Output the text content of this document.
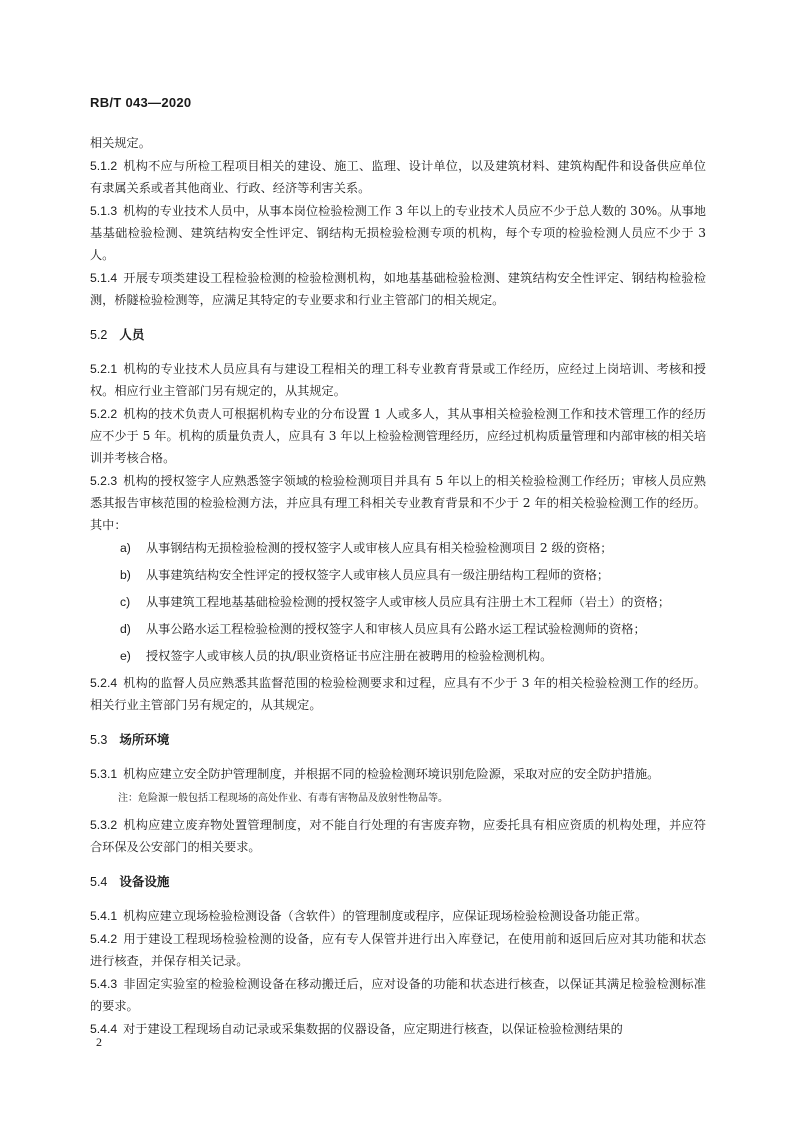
RB/T 043—2020

相关规定。

5.1.2 机构不应与所检工程项目相关的建设、施工、监理、设计单位，以及建筑材料、建筑构配件和设备供应单位有隶属关系或者其他商业、行政、经济等利害关系。

5.1.3 机构的专业技术人员中，从事本岗位检验检测工作 3 年以上的专业技术人员应不少于总人数的 30%。从事地基基础检验检测、建筑结构安全性评定、钢结构无损检验检测专项的机构，每个专项的检验检测人员应不少于 3 人。

5.1.4 开展专项类建设工程检验检测的检验检测机构，如地基基础检验检测、建筑结构安全性评定、钢结构检验检测，桥隧检验检测等，应满足其特定的专业要求和行业主管部门的相关规定。

5.2 人员

5.2.1 机构的专业技术人员应具有与建设工程相关的理工科专业教育背景或工作经历，应经过上岗培训、考核和授权。相应行业主管部门另有规定的，从其规定。

5.2.2 机构的技术负责人可根据机构专业的分布设置 1 人或多人，其从事相关检验检测工作和技术管理工作的经历应不少于 5 年。机构的质量负责人，应具有 3 年以上检验检测管理经历，应经过机构质量管理和内部审核的相关培训并考核合格。

5.2.3 机构的授权签字人应熟悉签字领域的检验检测项目并具有 5 年以上的相关检验检测工作经历；审核人员应熟悉其报告审核范围的检验检测方法，并应具有理工科相关专业教育背景和不少于 2 年的相关检验检测工作的经历。其中：

a) 从事钢结构无损检验检测的授权签字人或审核人应具有相关检验检测项目 2 级的资格；
b) 从事建筑结构安全性评定的授权签字人或审核人员应具有一级注册结构工程师的资格；
c) 从事建筑工程地基基础检验检测的授权签字人或审核人员应具有注册土木工程师（岩土）的资格；
d) 从事公路水运工程检验检测的授权签字人和审核人员应具有公路水运工程试验检测师的资格；
e) 授权签字人或审核人员的执/职业资格证书应注册在被聘用的检验检测机构。

5.2.4 机构的监督人员应熟悉其监督范围的检验检测要求和过程，应具有不少于 3 年的相关检验检测工作的经历。相关行业主管部门另有规定的，从其规定。

5.3 场所环境

5.3.1 机构应建立安全防护管理制度，并根据不同的检验检测环境识别危险源，采取对应的安全防护措施。

注：危险源一般包括工程现场的高处作业、有毒有害物品及放射性物品等。

5.3.2 机构应建立废弃物处置管理制度，对不能自行处理的有害废弃物，应委托具有相应资质的机构处理，并应符合环保及公安部门的相关要求。

5.4 设备设施

5.4.1 机构应建立现场检验检测设备（含软件）的管理制度或程序，应保证现场检验检测设备功能正常。

5.4.2 用于建设工程现场检验检测的设备，应有专人保管并进行出入库登记，在使用前和返回后应对其功能和状态进行核查，并保存相关记录。

5.4.3 非固定实验室的检验检测设备在移动搬迁后，应对设备的功能和状态进行核查，以保证其满足检验检测标准的要求。

5.4.4 对于建设工程现场自动记录或采集数据的仪器设备，应定期进行核查，以保证检验检测结果的

2
